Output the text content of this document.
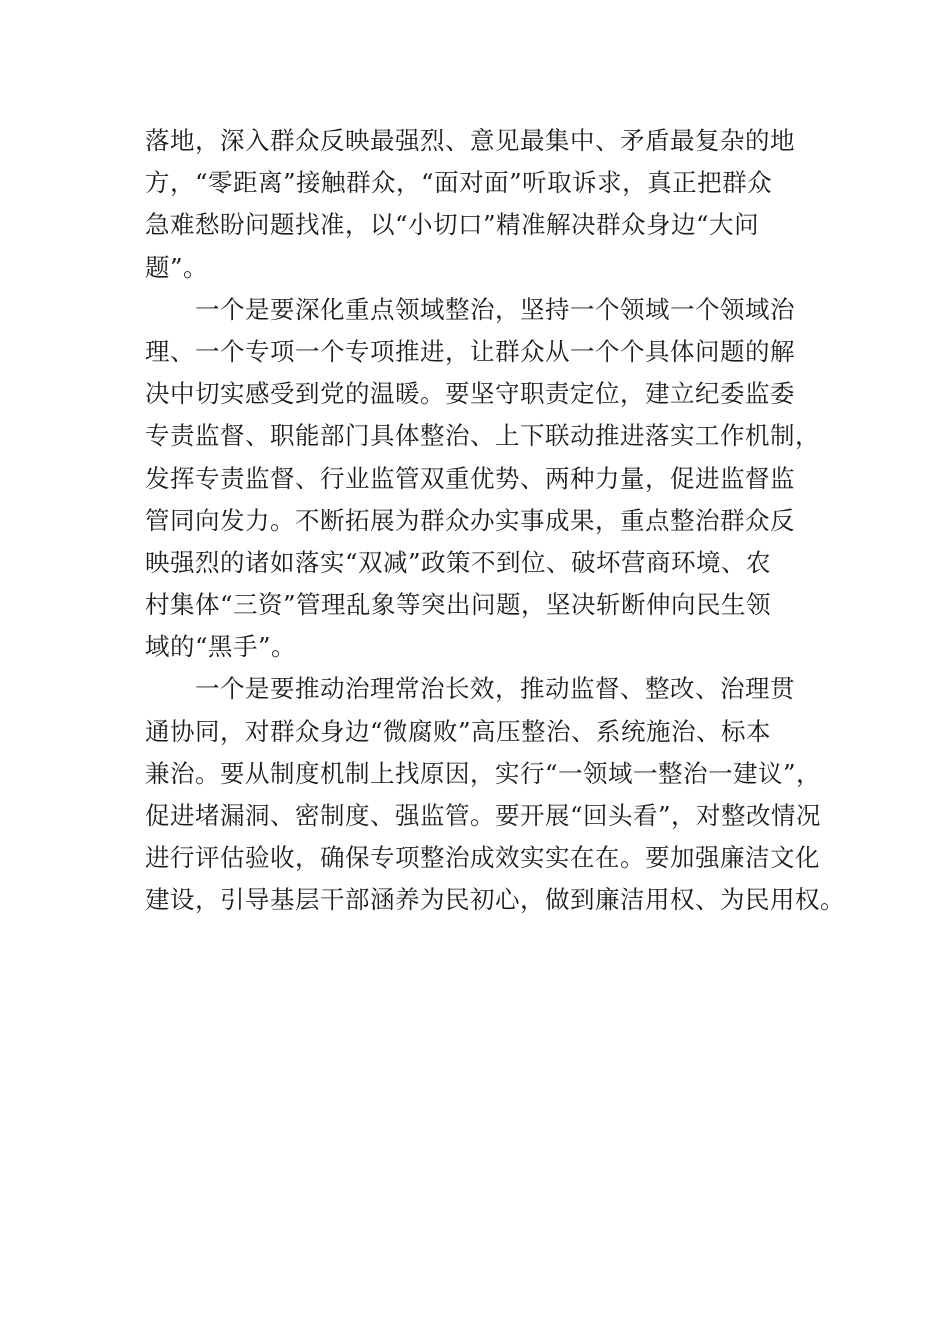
落地，深入群众反映最强烈、意见最集中、矛盾最复杂的地
方，“零距离”接触群众，“面对面”听取诉求，真正把群众
急难愁盼问题找准，以“小切口”精准解决群众身边“大问
题”。
　　一个是要深化重点领域整治，坚持一个领域一个领域治
理、一个专项一个专项推进，让群众从一个个具体问题的解
决中切实感受到党的温暖。要坚守职责定位，建立纪委监委
专责监督、职能部门具体整治、上下联动推进落实工作机制，
发挥专责监督、行业监管双重优势、两种力量，促进监督监
管同向发力。不断拓展为群众办实事成果，重点整治群众反
映强烈的诸如落实“双减”政策不到位、破坏营商环境、农
村集体“三资”管理乱象等突出问题，坚决斩断伸向民生领
域的“黑手”。
　　一个是要推动治理常治长效，推动监督、整改、治理贯
通协同，对群众身边“微腐败”高压整治、系统施治、标本
兼治。要从制度机制上找原因，实行“一领域一整治一建议”，
促进堵漏洞、密制度、强监管。要开展“回头看”，对整改情况
进行评估验收，确保专项整治成效实实在在。要加强廉洁文化
建设，引导基层干部涵养为民初心，做到廉洁用权、为民用权。
